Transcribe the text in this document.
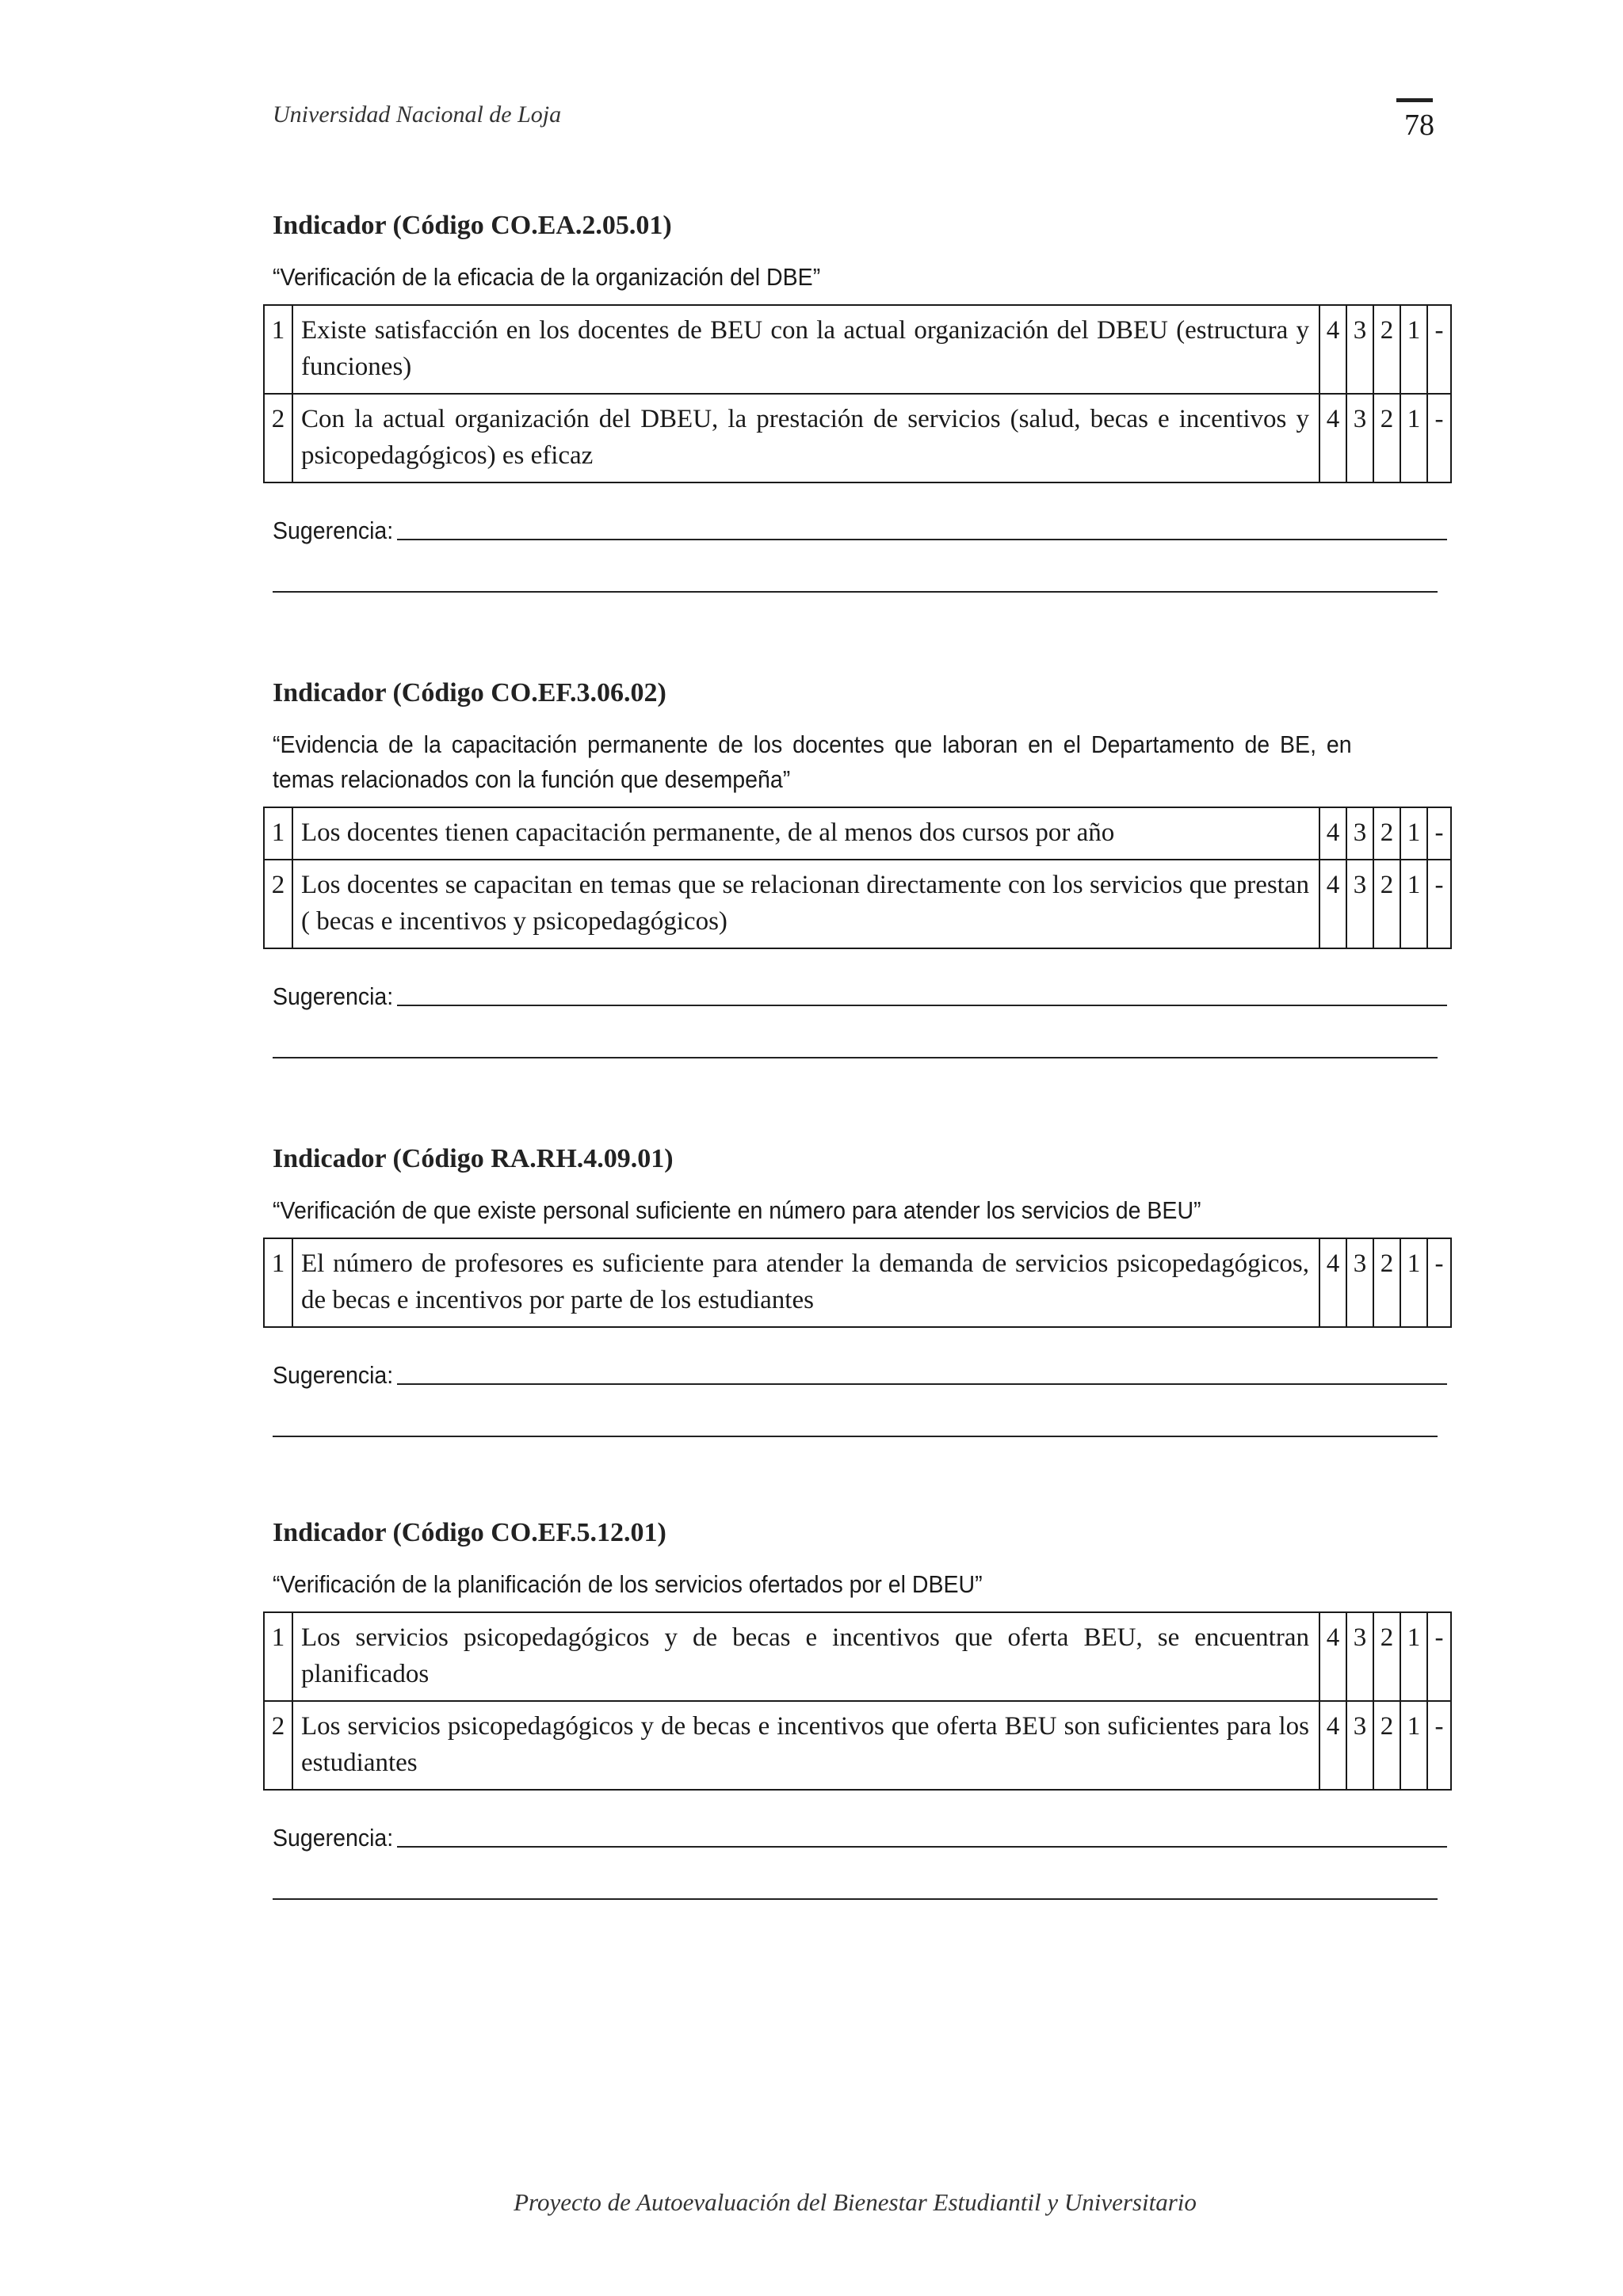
Universidad Nacional de Loja	78
Indicador (Código CO.EA.2.05.01)
“Verificación de la eficacia de la organización del DBE”
1	Existe satisfacción en los docentes de BEU con la actual organización del DBEU (estructura y funciones)	4	3	2	1	-
2	Con la actual organización del DBEU, la prestación de servicios (salud, becas e incentivos y psicopedagógicos) es eficaz	4	3	2	1	-
Sugerencia:
Indicador (Código CO.EF.3.06.02)
“Evidencia de la capacitación permanente de los docentes que laboran en el Departamento de BE, en temas relacionados con la función que desempeña”
1	Los docentes tienen capacitación permanente, de al menos dos cursos por año	4	3	2	1	-
2	Los docentes se capacitan en temas que se relacionan directamente con los servicios que prestan ( becas e incentivos y psicopedagógicos)	4	3	2	1	-
Sugerencia:
Indicador (Código RA.RH.4.09.01)
“Verificación de que existe personal suficiente en número para atender los servicios de BEU”
1	El número de profesores es suficiente para atender la demanda de servicios psicopedagógicos, de becas e incentivos por parte de los estudiantes	4	3	2	1	-
Sugerencia:
Indicador (Código CO.EF.5.12.01)
“Verificación de la planificación de los servicios ofertados por el DBEU”
1	Los servicios psicopedagógicos y de becas e incentivos que oferta BEU, se encuentran planificados	4	3	2	1	-
2	Los servicios psicopedagógicos y de becas e incentivos que oferta BEU son suficientes para los estudiantes	4	3	2	1	-
Sugerencia:
Proyecto de Autoevaluación del Bienestar Estudiantil y Universitario
